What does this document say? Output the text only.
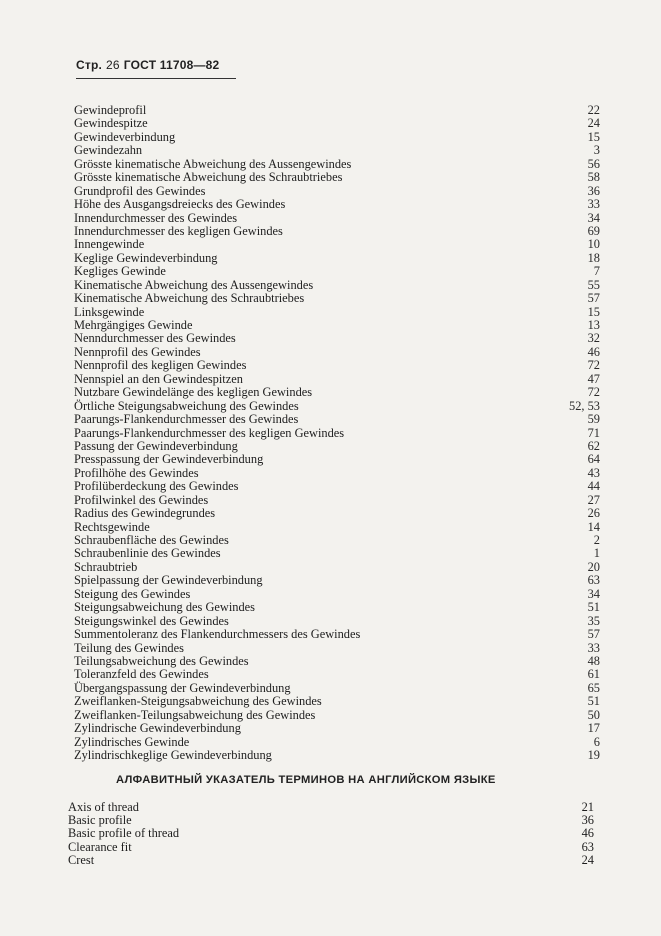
Стр. 26 ГОСТ 11708—82
Gewindeprofil	22
Gewindespitze	24
Gewindeverbindung	15
Gewindezahn	3
Grösste kinematische Abweichung des Aussengewindes	56
Grösste kinematische Abweichung des Schraubtriebes	58
Grundprofil des Gewindes	36
Höhe des Ausgangsdreiecks des Gewindes	33
Innendurchmesser des Gewindes	34
Innendurchmesser des kegligen Gewindes	69
Innengewinde	10
Keglige Gewindeverbindung	18
Kegliges Gewinde	7
Kinematische Abweichung des Aussengewindes	55
Kinematische Abweichung des Schraubtriebes	57
Linksgewinde	15
Mehrgängiges Gewinde	13
Nenndurchmesser des Gewindes	32
Nennprofil des Gewindes	46
Nennprofil des kegligen Gewindes	72
Nennspiel an den Gewindespitzen	47
Nutzbare Gewindelänge des kegligen Gewindes	72
Örtliche Steigungsabweichung des Gewindes	52, 53
Paarungs-Flankendurchmesser des Gewindes	59
Paarungs-Flankendurchmesser des kegligen Gewindes	71
Passung der Gewindeverbindung	62
Presspassung der Gewindeverbindung	64
Profilhöhe des Gewindes	43
Profilüberdeckung des Gewindes	44
Profilwinkel des Gewindes	27
Radius des Gewindegrundes	26
Rechtsgewinde	14
Schraubenfläche des Gewindes	2
Schraubenlinie des Gewindes	1
Schraubtrieb	20
Spielpassung der Gewindeverbindung	63
Steigung des Gewindes	34
Steigungsabweichung des Gewindes	51
Steigungswinkel des Gewindes	35
Summentoleranz des Flankendurchmessers des Gewindes	57
Teilung des Gewindes	33
Teilungsabweichung des Gewindes	48
Toleranzfeld des Gewindes	61
Übergangspassung der Gewindeverbindung	65
Zweiflanken-Steigungsabweichung des Gewindes	51
Zweiflanken-Teilungsabweichung des Gewindes	50
Zylindrische Gewindeverbindung	17
Zylindrisches Gewinde	6
Zylindrischkeglige Gewindeverbindung	19
АЛФАВИТНЫЙ УКАЗАТЕЛЬ ТЕРМИНОВ НА АНГЛИЙСКОМ ЯЗЫКЕ
Axis of thread	21
Basic profile	36
Basic profile of thread	46
Clearance fit	63
Crest	24
